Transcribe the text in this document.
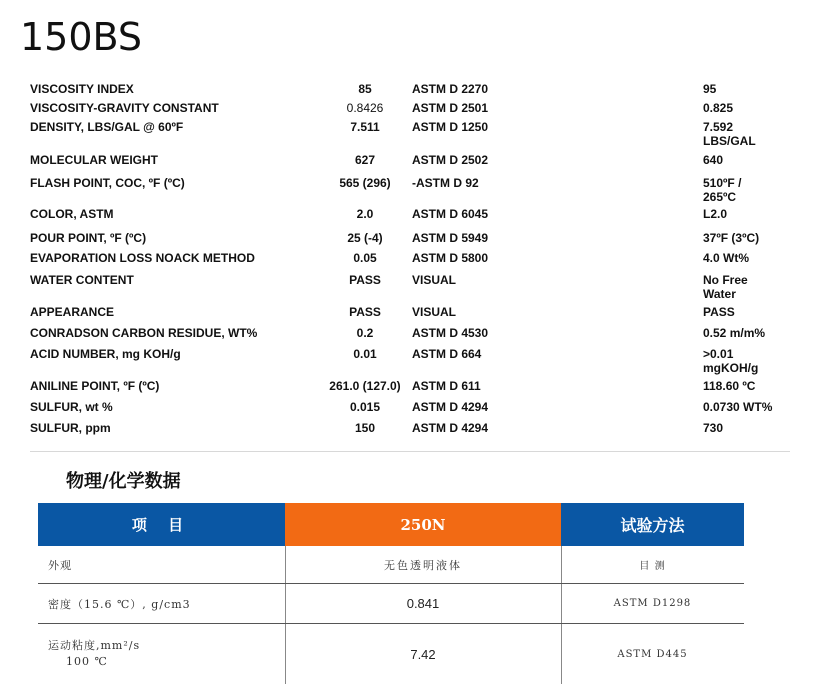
150BS
VISCOSITY INDEX	85	ASTM D 2270	95
VISCOSITY-GRAVITY CONSTANT	0.8426	ASTM D 2501	0.825
DENSITY, LBS/GAL @ 60ºF	7.511	ASTM D 1250	7.592 LBS/GAL
MOLECULAR WEIGHT	627	ASTM D 2502	640
FLASH POINT, COC, ºF (ºC)	565 (296)	-ASTM D 92	510ºF / 265ºC
COLOR, ASTM	2.0	ASTM D 6045	L2.0
POUR POINT, ºF (ºC)	25 (-4)	ASTM D 5949	37ºF (3ºC)
EVAPORATION LOSS NOACK METHOD	0.05	ASTM D 5800	4.0 Wt%
WATER CONTENT	PASS	VISUAL	No Free Water
APPEARANCE	PASS	VISUAL	PASS
CONRADSON CARBON RESIDUE, WT%	0.2	ASTM D 4530	0.52 m/m%
ACID NUMBER, mg KOH/g	0.01	ASTM D 664	>0.01 mgKOH/g
ANILINE POINT, ºF (ºC)	261.0 (127.0) ASTM D 611	118.60 ºC
SULFUR, wt %	0.015	ASTM D 4294	0.0730 WT%
SULFUR, ppm	150	ASTM D 4294	730
物理/化学数据
项 目	250N	试验方法
外观	无色透明液体	目 测
密度（15.6 ℃）, g/cm3	0.841	ASTM D1298
运动粘度,mm²/s
100 ℃	7.42	ASTM D445
